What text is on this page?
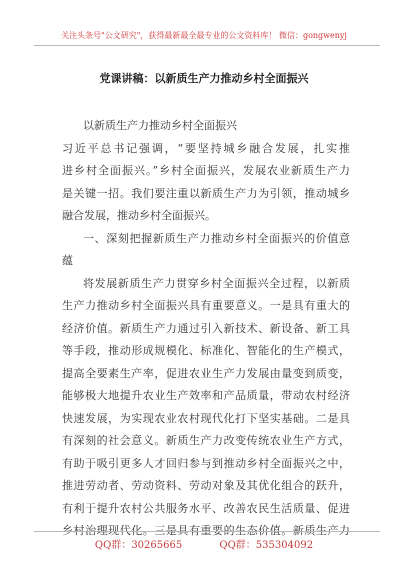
关注头条号"公文研究"，获得最新最全最专业的公文资料库！ 微信：gongwenyj
党课讲稿：以新质生产力推动乡村全面振兴
以新质生产力推动乡村全面振兴
习近平总书记强调，“要坚持城乡融合发展，扎实推
进乡村全面振兴。”乡村全面振兴，发展农业新质生产力
是关键一招。我们要注重以新质生产力为引领，推动城乡
融合发展，推动乡村全面振兴。
一、深刻把握新质生产力推动乡村全面振兴的价值意
蕴
将发展新质生产力贯穿乡村全面振兴全过程，以新质
生产力推动乡村全面振兴具有重要意义。一是具有重大的
经济价值。新质生产力通过引入新技术、新设备、新工具
等手段，推动形成规模化、标准化、智能化的生产模式，
提高全要素生产率，促进农业生产力发展由量变到质变，
能够极大地提升农业生产效率和产品质量，带动农村经济
快速发展，为实现农业农村现代化打下坚实基础。二是具
有深刻的社会意义。新质生产力改变传统农业生产方式，
有助于吸引更多人才回归参与到推动乡村全面振兴之中，
推进劳动者、劳动资料、劳动对象及其优化组合的跃升，
有利于提升农村公共服务水平、改善农民生活质量、促进
乡村治理现代化。三是具有重要的生态价值。新质生产力
QQ群：30265665	QQ群：535304092
